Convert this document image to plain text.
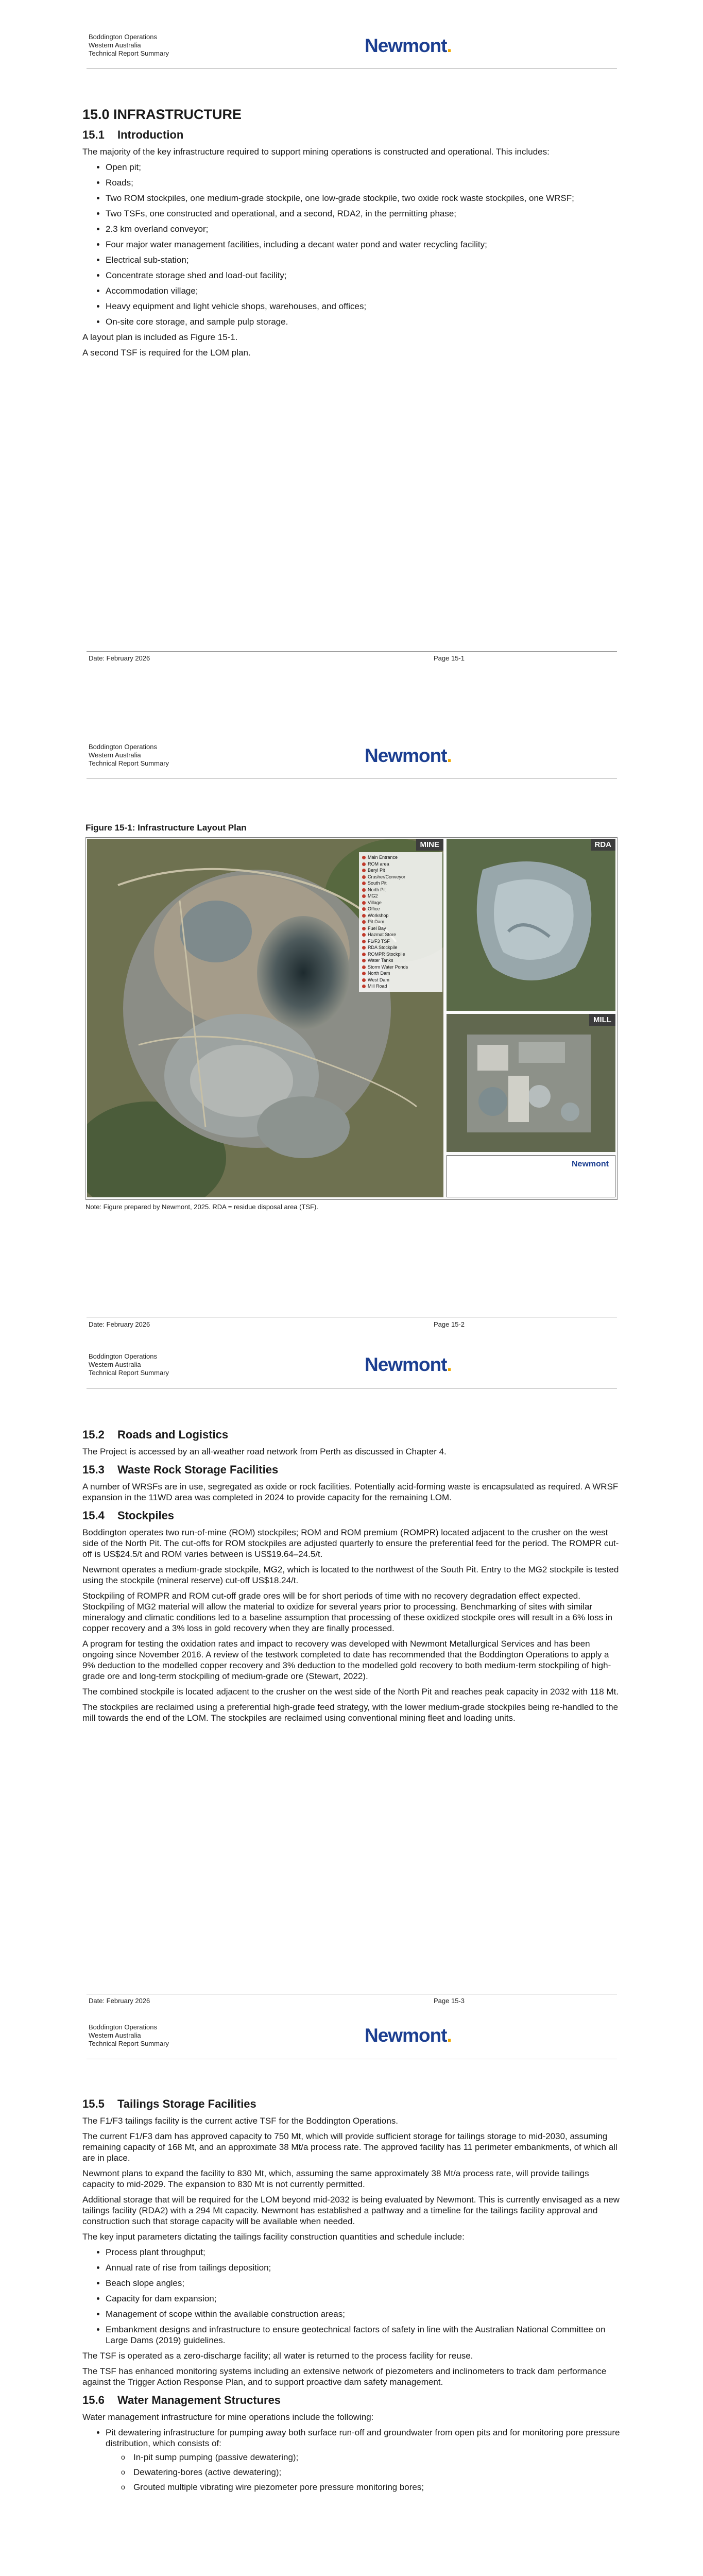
Boddington Operations
Western Australia
Technical Report Summary	Newmont.
15.0 INFRASTRUCTURE
15.1 Introduction

The majority of the key infrastructure required to support mining operations is constructed and operational. This includes:

• Open pit;
• Roads;
• Two ROM stockpiles, one medium-grade stockpile, one low-grade stockpile, two oxide rock waste stockpiles, one WRSF;
• Two TSFs, one constructed and operational, and a second, RDA2, in the permitting phase;
• 2.3 km overland conveyor;
• Four major water management facilities, including a decant water pond and water recycling facility;
• Electrical sub-station;
• Concentrate storage shed and load-out facility;
• Accommodation village;
• Heavy equipment and light vehicle shops, warehouses, and offices;
• On-site core storage, and sample pulp storage.

A layout plan is included as Figure 15-1.

A second TSF is required for the LOM plan.

Date: February 2026	Page 15-1
Boddington Operations
Western Australia
Technical Report Summary	Newmont.
Figure 15-1: Infrastructure Layout Plan
MINE
Main Entrance
ROM area
Beryl Pit
Crusher/Conveyor
South Pit
North Pit
MG2
Village
Office
Workshop
Pit Dam
Fuel Bay
Hazmat Store
F1/F3 TSF
RDA Stockpile
ROMPR Stockpile
Water Tanks
Storm Water Ponds
North Dam
West Dam
Mill Road
RDA
MILL
Newmont
Note: Figure prepared by Newmont, 2025. RDA = residue disposal area (TSF).
Date: February 2026	Page 15-2
Boddington Operations
Western Australia
Technical Report Summary	Newmont.
15.2 Roads and Logistics

The Project is accessed by an all-weather road network from Perth as discussed in Chapter 4.

15.3 Waste Rock Storage Facilities

A number of WRSFs are in use, segregated as oxide or rock facilities. Potentially acid-forming waste is encapsulated as required. A WRSF expansion in the 11WD area was completed in 2024 to provide capacity for the remaining LOM.

15.4 Stockpiles

Boddington operates two run-of-mine (ROM) stockpiles; ROM and ROM premium (ROMPR) located adjacent to the crusher on the west side of the North Pit. The cut-offs for ROM stockpiles are adjusted quarterly to ensure the preferential feed for the period. The ROMPR cut-off is US$24.5/t and ROM varies between is US$19.64–24.5/t.

Newmont operates a medium-grade stockpile, MG2, which is located to the northwest of the South Pit. Entry to the MG2 stockpile is tested using the stockpile (mineral reserve) cut-off US$18.24/t.

Stockpiling of ROMPR and ROM cut-off grade ores will be for short periods of time with no recovery degradation effect expected. Stockpiling of MG2 material will allow the material to oxidize for several years prior to processing. Benchmarking of sites with similar mineralogy and climatic conditions led to a baseline assumption that processing of these oxidized stockpile ores will result in a 6% loss in copper recovery and a 3% loss in gold recovery when they are finally processed.

A program for testing the oxidation rates and impact to recovery was developed with Newmont Metallurgical Services and has been ongoing since November 2016. A review of the testwork completed to date has recommended that the Boddington Operations to apply a 9% deduction to the modelled copper recovery and 3% deduction to the modelled gold recovery to both medium-term stockpiling of high-grade ore and long-term stockpiling of medium-grade ore (Stewart, 2022).

The combined stockpile is located adjacent to the crusher on the west side of the North Pit and reaches peak capacity in 2032 with 118 Mt.

The stockpiles are reclaimed using a preferential high-grade feed strategy, with the lower medium-grade stockpiles being re-handled to the mill towards the end of the LOM. The stockpiles are reclaimed using conventional mining fleet and loading units.

Date: February 2026	Page 15-3
Boddington Operations
Western Australia
Technical Report Summary	Newmont.
15.5 Tailings Storage Facilities

The F1/F3 tailings facility is the current active TSF for the Boddington Operations.

The current F1/F3 dam has approved capacity to 750 Mt, which will provide sufficient storage for tailings storage to mid-2030, assuming remaining capacity of 168 Mt, and an approximate 38 Mt/a process rate. The approved facility has 11 perimeter embankments, of which all are in place.

Newmont plans to expand the facility to 830 Mt, which, assuming the same approximately 38 Mt/a process rate, will provide tailings capacity to mid-2029. The expansion to 830 Mt is not currently permitted.

Additional storage that will be required for the LOM beyond mid-2032 is being evaluated by Newmont. This is currently envisaged as a new tailings facility (RDA2) with a 294 Mt capacity. Newmont has established a pathway and a timeline for the tailings facility approval and construction such that storage capacity will be available when needed.

The key input parameters dictating the tailings facility construction quantities and schedule include:

• Process plant throughput;
• Annual rate of rise from tailings deposition;
• Beach slope angles;
• Capacity for dam expansion;
• Management of scope within the available construction areas;
• Embankment designs and infrastructure to ensure geotechnical factors of safety in line with the Australian National Committee on Large Dams (2019) guidelines.

The TSF is operated as a zero-discharge facility; all water is returned to the process facility for reuse.

The TSF has enhanced monitoring systems including an extensive network of piezometers and inclinometers to track dam performance against the Trigger Action Response Plan, and to support proactive dam safety management.

15.6 Water Management Structures

Water management infrastructure for mine operations include the following:

• Pit dewatering infrastructure for pumping away both surface run-off and groundwater from open pits and for monitoring pore pressure distribution, which consists of:
o In-pit sump pumping (passive dewatering);
o Dewatering-bores (active dewatering);
o Grouted multiple vibrating wire piezometer pore pressure monitoring bores;
